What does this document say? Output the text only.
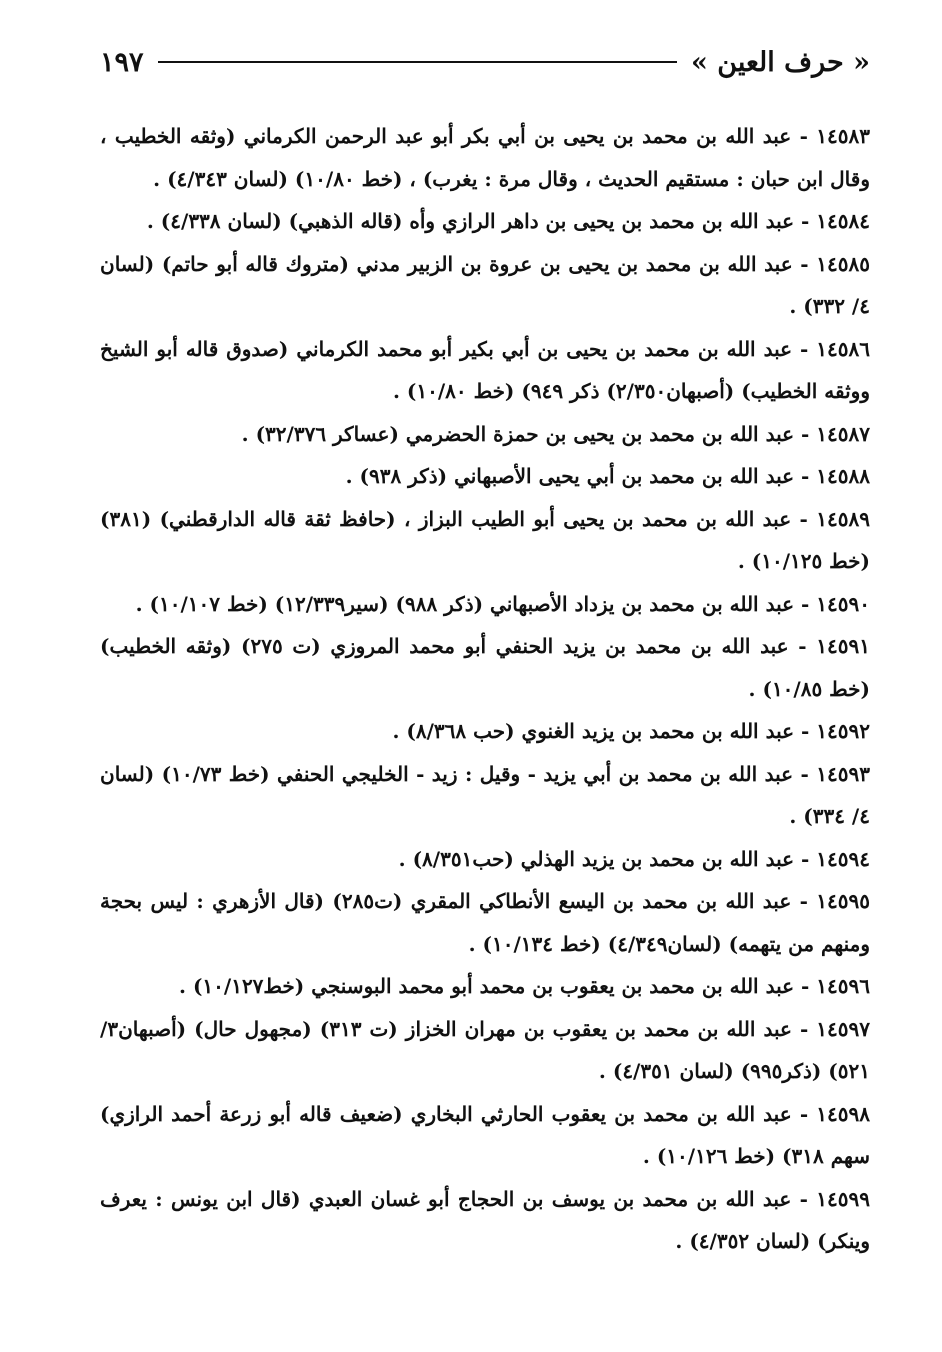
« حرف العين »
١٩٧

١٤٥٨٣ - عبد الله بن محمد بن يحيى بن أبي بكر أبو عبد الرحمن الكرماني (وثقه الخطيب ، وقال ابن حبان : مستقيم الحديث ، وقال مرة : يغرب) ، (خط ١٠/٨٠) (لسان ٤/٣٤٣) .

١٤٥٨٤ - عبد الله بن محمد بن يحيى بن داهر الرازي وأه (قاله الذهبي) (لسان ٤/٣٣٨) .

١٤٥٨٥ - عبد الله بن محمد بن يحيى بن عروة بن الزبير مدني (متروك قاله أبو حاتم) (لسان ٤/ ٣٣٢) .

١٤٥٨٦ - عبد الله بن محمد بن يحيى بن أبي بكير أبو محمد الكرماني (صدوق قاله أبو الشيخ ووثقه الخطيب) (أصبهان٢/٣٥٠) ذكر ٩٤٩) (خط ١٠/٨٠) .

١٤٥٨٧ - عبد الله بن محمد بن يحيى بن حمزة الحضرمي (عساكر ٣٢/٣٧٦) .

١٤٥٨٨ - عبد الله بن محمد بن أبي يحيى الأصبهاني (ذكر ٩٣٨) .

١٤٥٨٩ - عبد الله بن محمد بن يحيى أبو الطيب البزاز ، (حافظ ثقة قاله الدارقطني) (٣٨١) (خط ١٠/١٢٥) .

١٤٥٩٠ - عبد الله بن محمد بن يزداد الأصبهاني (ذكر ٩٨٨) (سير١٢/٣٣٩) (خط ١٠/١٠٧) .

١٤٥٩١ - عبد الله بن محمد بن يزيد الحنفي أبو محمد المروزي (ت ٢٧٥) (وثقه الخطيب) (خط ١٠/٨٥) .

١٤٥٩٢ - عبد الله بن محمد بن يزيد الغنوي (حب ٨/٣٦٨) .

١٤٥٩٣ - عبد الله بن محمد بن أبي يزيد - وقيل : زيد - الخليجي الحنفي (خط ١٠/٧٣) (لسان ٤/ ٣٣٤) .

١٤٥٩٤ - عبد الله بن محمد بن يزيد الهذلي (حب٨/٣٥١) .

١٤٥٩٥ - عبد الله بن محمد بن اليسع الأنطاكي المقري (ت٢٨٥) (قال الأزهري : ليس بحجة ومنهم من يتهمه) (لسان٤/٣٤٩) (خط ١٠/١٣٤) .

١٤٥٩٦ - عبد الله بن محمد بن يعقوب بن محمد أبو محمد البوسنجي (خط١٠/١٢٧) .

١٤٥٩٧ - عبد الله بن محمد بن يعقوب بن مهران الخزاز (ت ٣١٣) (مجهول حال) (أصبهان٣/ ٥٢١) (ذكر٩٩٥) (لسان ٤/٣٥١) .

١٤٥٩٨ - عبد الله بن محمد بن يعقوب الحارثي البخاري (ضعيف قاله أبو زرعة أحمد الرازي) سهم ٣١٨) (خط ١٠/١٢٦) .

١٤٥٩٩ - عبد الله بن محمد بن يوسف بن الحجاج أبو غسان العبدي (قال ابن يونس : يعرف وينكر) (لسان ٤/٣٥٢) .
